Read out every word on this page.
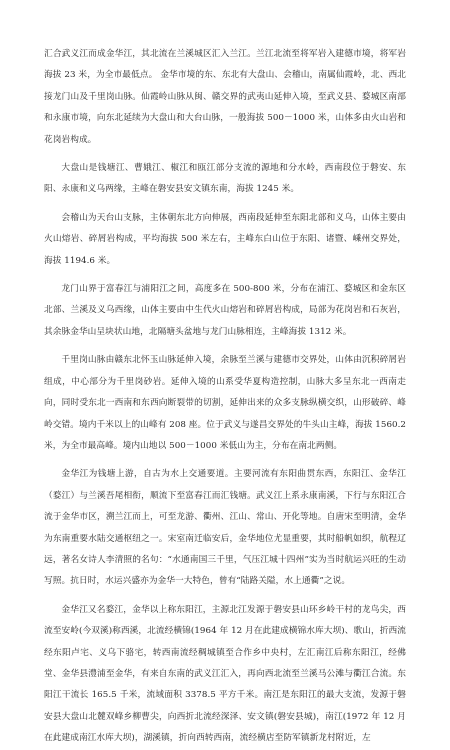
汇合武义江而成金华江，其北流在兰溪城区汇入兰江。兰江北流至将军岩入建德市境，将军岩海拔 23 米，为全市最低点。 金华市境的东、东北有大盘山、会稽山，南属仙霞岭，北、西北接龙门山及千里岗山脉。仙霞岭山脉从闽、赣交界的武夷山延伸入境，至武义县、婺城区南部和永康市境，向东北延续为大盘山和大台山脉，一般海拔 500－1000 米，山体多由火山岩和花岗岩构成。

大盘山是钱塘江、曹娥江、椒江和瓯江部分支流的源地和分水岭，西南段位于磐安、东阳、永康和义乌两缘，主峰在磐安县安文镇东南，海拔 1245 米。

会稽山为天台山支脉，主体朝东北方向伸展，西南段延伸至东阳北部和义乌，山体主要由火山熔岩、碎屑岩构成，平均海拔 500 米左右，主峰东白山位于东阳、诸暨、嵊州交界处，海拔 1194.6 米。

龙门山界于富春江与浦阳江之间，高度多在 500-800 米，分布在浦江、婺城区和金东区北部、兰溪及义乌西缘，山体主要由中生代火山熔岩和碎屑岩构成，局部为花岗岩和石灰岩，其余脉金华山呈块状山地，北隔塘头盆地与龙门山脉相连，主峰海拔 1312 米。

千里岗山脉由赣东北怀玉山脉延伸入境，余脉至兰溪与建德市交界处，山体由沉积碎屑岩组成，中心部分为千里岗砂岩。延伸入境的山系受华夏构造控制，山脉大多呈东北一西南走向，同时受东北一西南和东西向断裂带的切割，延伸出来的众多支脉纵横交织，山形破碎、峰岭交错。境内千米以上的山峰有 208 座。位于武义与遂昌交界处的牛头山主峰，海拔 1560.2 米，为全市最高峰。境内山地以 500－1000 米低山为主，分布在南北两侧。

金华江为钱塘上游，自古为水上交通要道。主要河流有东阳曲贯东西，东阳江、金华江（婺江）与兰溪吾尾相衔，顺流下至富春江而汇钱塘。武义江上系永康南溪，下行与东阳江合流于金华市区，溯兰江而上，可至龙游、衢州、江山、常山、开化等地。自唐宋至明清，金华为东南重要水陆交通枢纽之一。宋室南迁临安后，金华地位尤显重要，其时船帆如织，航程辽远，著名女诗人李清照的名句：“水通南国三千里，气压江城十四州”实为当时航运兴旺的生动写照。抗日时，水运兴盛亦为金华一大特色，曾有“陆路关隘，水上通衢”之说。

金华江又名婺江，金华以上称东阳江，主源北江发源于磐安县山环乡岭干村的龙鸟尖，西流至安岭(今双溪)称西溪，北流经横锦(1964 年 12 月在此建成横锦水库大坝)、歌山，折西流经东阳卢宅、义乌下骆宅，转西南流经稠城镇至合作乡中央村，左汇南江后称东阳江，经佛堂、金华县澧浦至金华，有来自东南的武义江汇入，再向西北流至兰溪马公滩与衢江合流。东阳江干流长 165.5 千米，流域面积 3378.5 平方千米。南江是东阳江的最大支流，发源于磐安县大盘山北麓双峰乡柳曹尖，向西折北流经深泽、安文镇(磐安县城)，南江(1972 年 12 月在此建成南江水库大坝)，湖溪镇，折向西转西南，流经横店至防军镇新龙村附近，左
